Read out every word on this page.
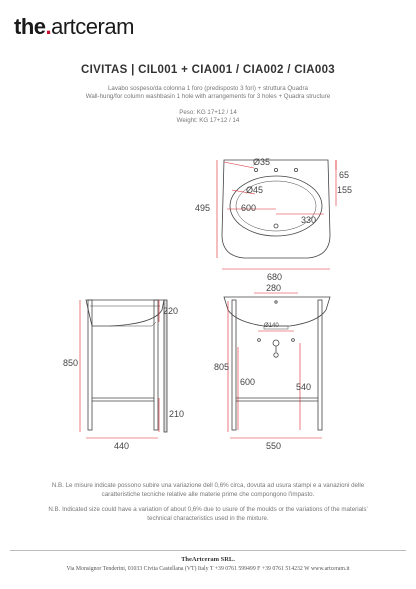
the.artceram
CIVITAS | CIL001 + CIA001 / CIA002 / CIA003
Lavabo sospeso/da colonna 1 foro (predisposto 3 fori) + struttura Quadra
Wall-hung/for column washbasin 1 hole with arrangements for 3 holes + Quadra structure
Peso: KG 17+12 / 14
Weight: KG 17+12 / 14
Ø35
Ø45
600
330
65
155
495
680
220
850
210
440
280
Ø140
805
600	540
550
N.B. Le misure indicate possono subire una variazione dell 0,6% circa, dovuta ad usura stampi e a vanazioni delle caratteristiche tecniche relative alle materie prime che compongono l'impasto.
N.B. Indicated size could have a variation of about 0,6% due to usure of the moulds or the variations of the materials' technical characteristics used in the mixture.
TheArtceram SRL.
Via Monsignor Tenderini, 01033 Civita Castellana (VT) Italy T +39 0761 599499 F +39 0761 514232 W www.artceram.it
